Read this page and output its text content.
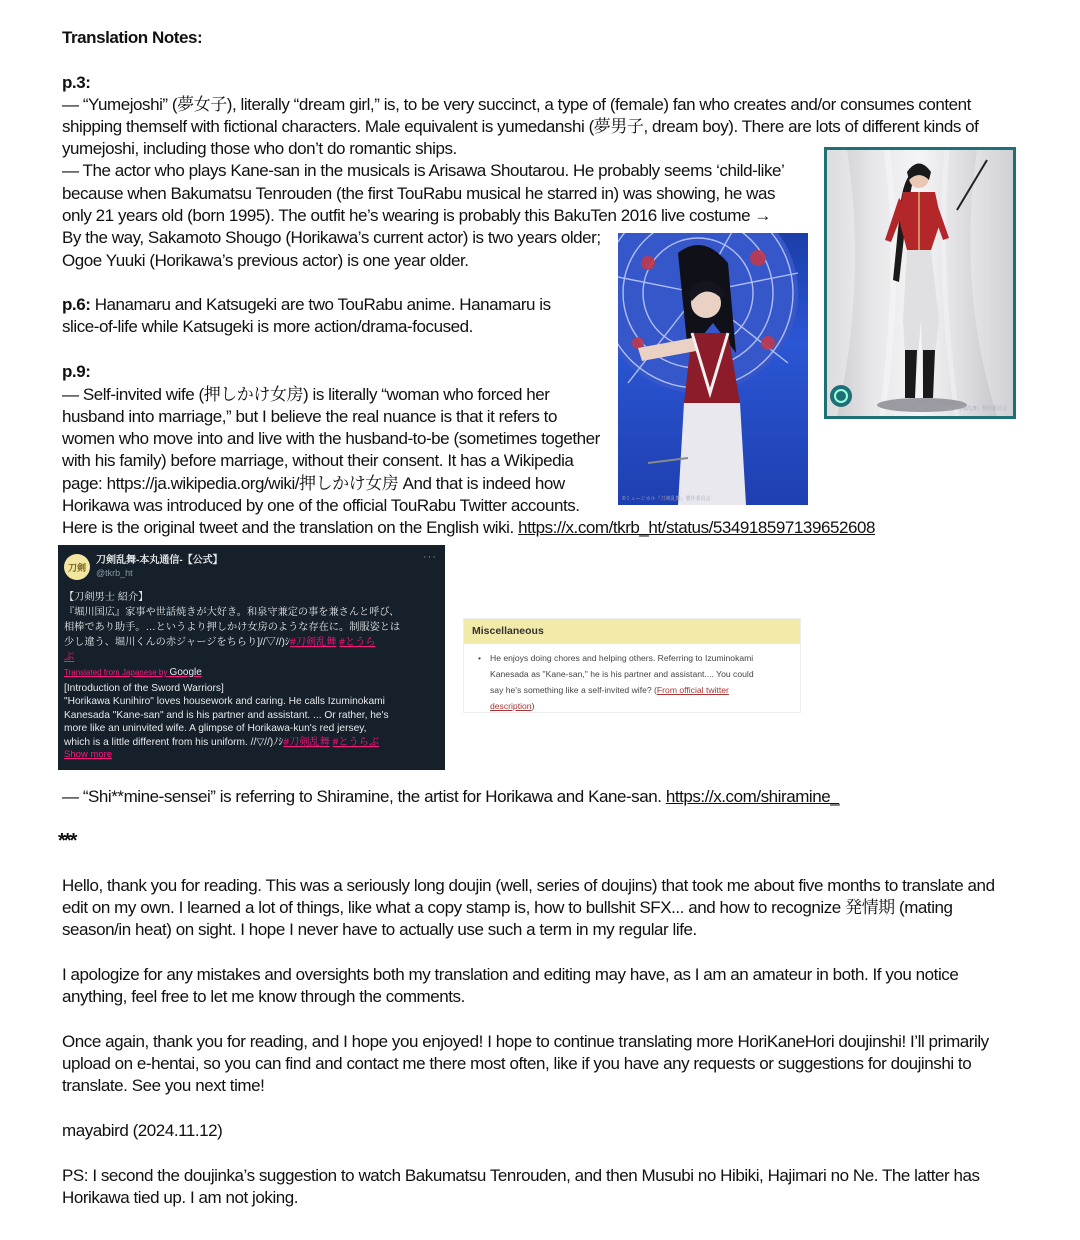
Translation Notes:

p.3:

— “Yumejoshi” (夢女子), literally “dream girl,” is, to be very succinct, a type of (female) fan who creates and/or consumes content

shipping themself with fictional characters. Male equivalent is yumedanshi (夢男子, dream boy). There are lots of different kinds of

yumejoshi, including those who don’t do romantic ships.

— The actor who plays Kane-san in the musicals is Arisawa Shoutarou. He probably seems ‘child-like’

because when Bakumatsu Tenrouden (the first TouRabu musical he starred in) was showing, he was

only 21 years old (born 1995). The outfit he’s wearing is probably this BakuTen 2016 live costume →

By the way, Sakamoto Shougo (Horikawa’s current actor) is two years older;

Ogoe Yuuki (Horikawa’s previous actor) is one year older.

p.6: Hanamaru and Katsugeki are two TouRabu anime. Hanamaru is

slice-of-life while Katsugeki is more action/drama-focused.

p.9:

— Self-invited wife (押しかけ女房) is literally “woman who forced her

husband into marriage,” but I believe the real nuance is that it refers to

women who move into and live with the husband-to-be (sometimes together

with his family) before marriage, without their consent. It has a Wikipedia

page: https://ja.wikipedia.org/wiki/押しかけ女房 And that is indeed how

Horikawa was introduced by one of the official TouRabu Twitter accounts.

Here is the original tweet and the translation on the English wiki. https://x.com/tkrb_ht/status/534918597139652608

©ミュージカル『刀剣乱舞』製作委員会
©ミュージカル『刀剣乱舞』製作委員会
刀剣
刀剣乱舞-本丸通信-【公式】
@tkrb_ht
···
【刀剣男士 紹介】
『堀川国広』家事や世話焼きが大好き。和泉守兼定の事を兼さんと呼び、
相棒であり助手。…というより押しかけ女房のような存在に。制服姿とは
少し違う、堀川くんの赤ジャージをちらり]//▽//)ｼ#刀剣乱舞 #とうら
ぶ
Translated from Japanese by Google
[Introduction of the Sword Warriors]
"Horikawa Kunihiro" loves housework and caring. He calls Izuminokami
Kanesada "Kane-san" and is his partner and assistant. ... Or rather, he's
more like an uninvited wife. A glimpse of Horikawa-kun's red jersey,
which is a little different from his uniform. //▽//)ﾉｼ#刀剣乱舞 #とうらぶ
Show more
Miscellaneous
• He enjoys doing chores and helping others. Referring to Izuminokami
Kanesada as "Kane-san," he is his partner and assistant.... You could
say he's something like a self-invited wife? (From official twitter
description)

— “Shi**mine-sensei” is referring to Shiramine, the artist for Horikawa and Kane-san. https://x.com/shiramine_

***

Hello, thank you for reading. This was a seriously long doujin (well, series of doujins) that took me about five months to translate and

edit on my own. I learned a lot of things, like what a copy stamp is, how to bullshit SFX... and how to recognize 発情期 (mating

season/in heat) on sight. I hope I never have to actually use such a term in my regular life.

I apologize for any mistakes and oversights both my translation and editing may have, as I am an amateur in both. If you notice

anything, feel free to let me know through the comments.

Once again, thank you for reading, and I hope you enjoyed! I hope to continue translating more HoriKaneHori doujinshi! I’ll primarily

upload on e-hentai, so you can find and contact me there most often, like if you have any requests or suggestions for doujinshi to

translate. See you next time!

mayabird (2024.11.12)

PS: I second the doujinka’s suggestion to watch Bakumatsu Tenrouden, and then Musubi no Hibiki, Hajimari no Ne. The latter has

Horikawa tied up. I am not joking.
